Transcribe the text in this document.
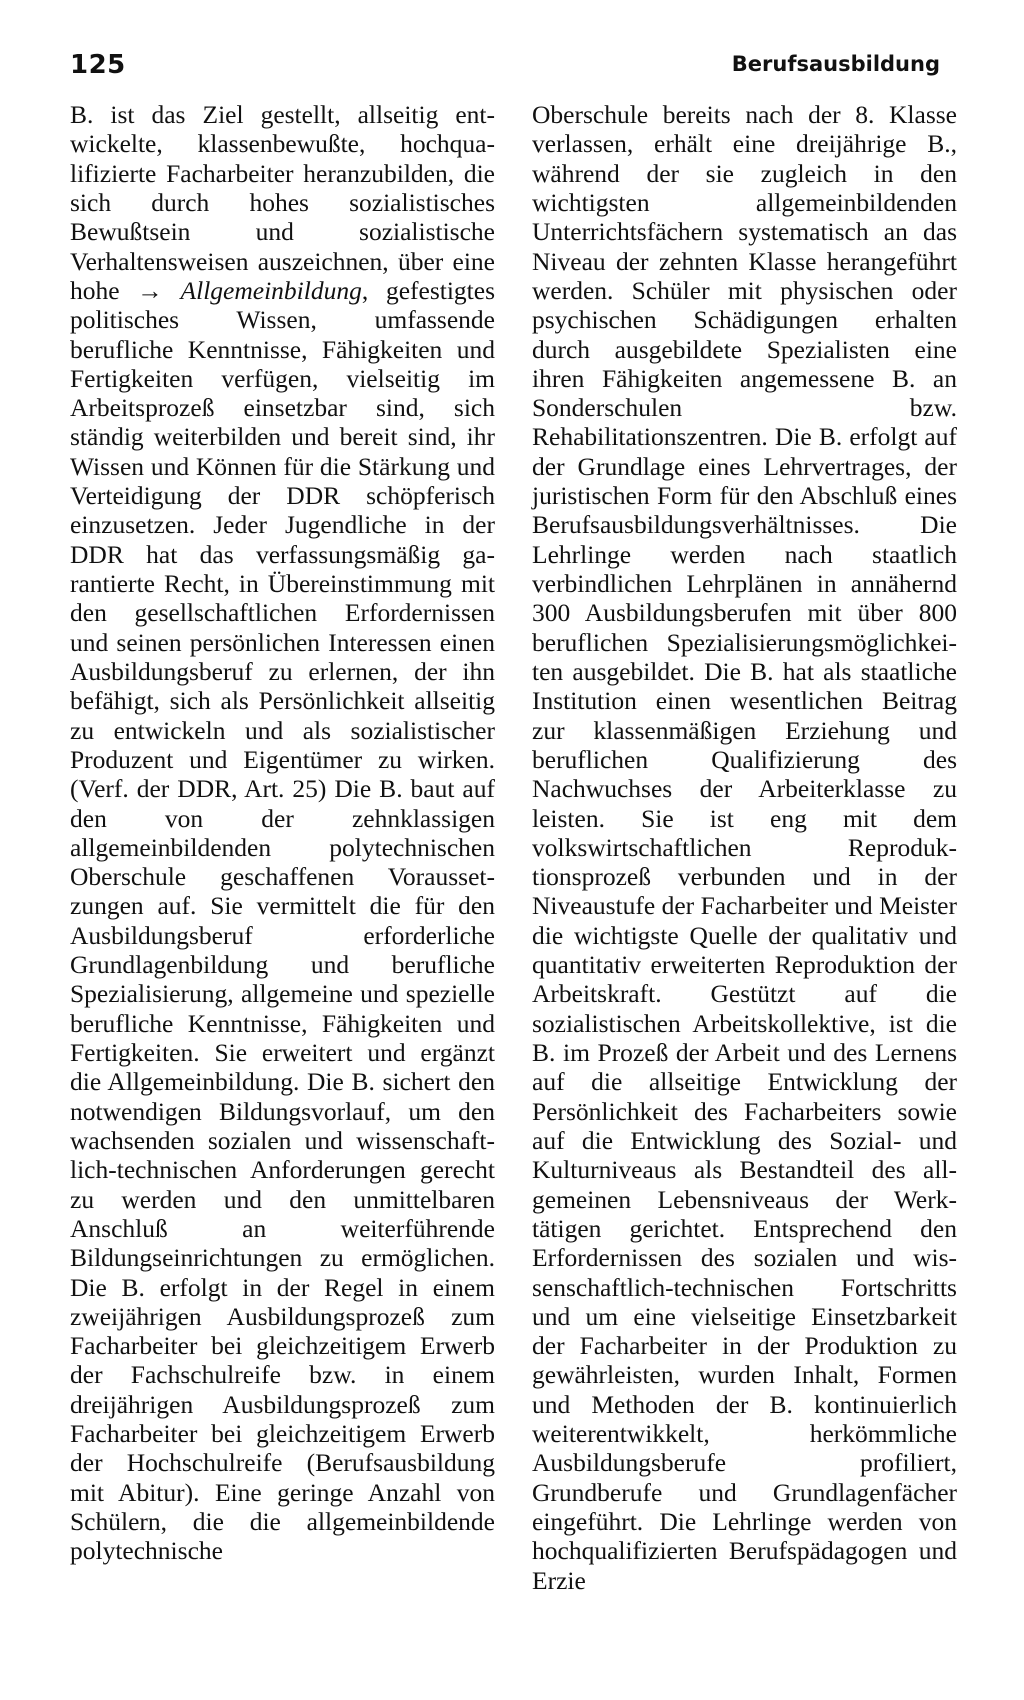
125	Berufsausbildung

B. ist das Ziel gestellt, allseitig entwickelte, klassenbewußte, hochqualifizierte Facharbeiter heranzubilden, die sich durch hohes sozialistisches Bewußtsein und sozialistische Verhaltensweisen auszeichnen, über eine hohe → Allgemeinbildung, gefestigtes politisches Wissen, umfassende berufliche Kenntnisse, Fähigkeiten und Fertigkeiten verfügen, vielseitig im Arbeitsprozeß einsetzbar sind, sich ständig weiterbilden und bereit sind, ihr Wissen und Können für die Stärkung und Verteidigung der DDR schöpferisch einzusetzen. Jeder Jugendliche in der DDR hat das verfassungsmäßig garantierte Recht, in Übereinstimmung mit den gesellschaftlichen Erfordernissen und seinen persönlichen Interessen einen Ausbildungsberuf zu erlernen, der ihn befähigt, sich als Persönlichkeit allseitig zu entwickeln und als sozialistischer Produzent und Eigentümer zu wirken. (Verf. der DDR, Art. 25) Die B. baut auf den von der zehnklassigen allgemeinbildenden polytechnischen Oberschule geschaffenen Voraussetzungen auf. Sie vermittelt die für den Ausbildungsberuf erforderliche Grundlagenbildung und berufliche Spezialisierung, allgemeine und spezielle berufliche Kenntnisse, Fähigkeiten und Fertigkeiten. Sie erweitert und ergänzt die Allgemeinbildung. Die B. sichert den notwendigen Bildungsvorlauf, um den wachsenden sozialen und wissenschaftlich-technischen Anforderungen gerecht zu werden und den unmittelbaren Anschluß an weiterführende Bildungseinrichtungen zu ermöglichen. Die B. erfolgt in der Regel in einem zweijährigen Ausbildungsprozeß zum Facharbeiter bei gleichzeitigem Erwerb der Fachschulreife bzw. in einem dreijährigen Ausbildungsprozeß zum Facharbeiter bei gleichzeitigem Erwerb der Hochschulreife (Berufsausbildung mit Abitur). Eine geringe Anzahl von Schülern, die die allgemeinbildende polytechnische

Oberschule bereits nach der 8. Klasse verlassen, erhält eine dreijährige B., während der sie zugleich in den wichtigsten allgemeinbildenden Unterrichtsfächern systematisch an das Niveau der zehnten Klasse herangeführt werden. Schüler mit physischen oder psychischen Schädigungen erhalten durch ausgebildete Spezialisten eine ihren Fähigkeiten angemessene B. an Sonderschulen bzw. Rehabilitationszentren. Die B. erfolgt auf der Grundlage eines Lehrvertrages, der juristischen Form für den Abschluß eines Berufsausbildungsverhältnisses. Die Lehrlinge werden nach staatlich verbindlichen Lehrplänen in annähernd 300 Ausbildungsberufen mit über 800 beruflichen Spezialisierungsmöglichkeiten ausgebildet. Die B. hat als staatliche Institution einen wesentlichen Beitrag zur klassenmäßigen Erziehung und beruflichen Qualifizierung des Nachwuchses der Arbeiterklasse zu leisten. Sie ist eng mit dem volkswirtschaftlichen Reproduktionsprozeß verbunden und in der Niveaustufe der Facharbeiter und Meister die wichtigste Quelle der qualitativ und quantitativ erweiterten Reproduktion der Arbeitskraft. Gestützt auf die sozialistischen Arbeitskollektive, ist die B. im Prozeß der Arbeit und des Lernens auf die allseitige Entwicklung der Persönlichkeit des Facharbeiters sowie auf die Entwicklung des Sozial- und Kulturniveaus als Bestandteil des allgemeinen Lebensniveaus der Werktätigen gerichtet. Entsprechend den Erfordernissen des sozialen und wissenschaftlich-technischen Fortschritts und um eine vielseitige Einsetzbarkeit der Facharbeiter in der Produktion zu gewährleisten, wurden Inhalt, Formen und Methoden der B. kontinuierlich weiterentwikkelt, herkömmliche Ausbildungsberufe profiliert, Grundberufe und Grundlagenfächer eingeführt. Die Lehrlinge werden von hochqualifizierten Berufspädagogen und Erzie
